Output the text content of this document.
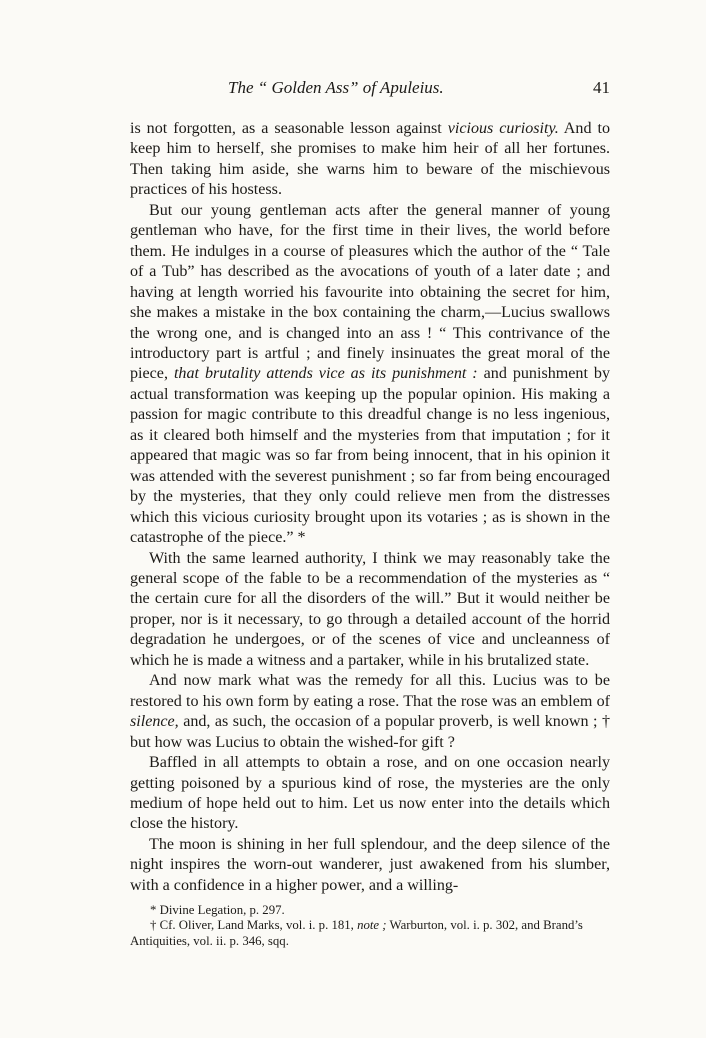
The “ Golden Ass” of Apuleius.	41

is not forgotten, as a seasonable lesson against vicious curiosity. And to keep him to herself, she promises to make him heir of all her fortunes. Then taking him aside, she warns him to beware of the mischievous practices of his hostess.

But our young gentleman acts after the general manner of young gentleman who have, for the first time in their lives, the world before them. He indulges in a course of pleasures which the author of the “ Tale of a Tub” has described as the avocations of youth of a later date ; and having at length worried his favourite into obtaining the secret for him, she makes a mistake in the box containing the charm,—Lucius swallows the wrong one, and is changed into an ass ! “ This contrivance of the introductory part is artful ; and finely insinuates the great moral of the piece, that brutality attends vice as its punishment : and punishment by actual transformation was keeping up the popular opinion. His making a passion for magic contribute to this dreadful change is no less ingenious, as it cleared both himself and the mysteries from that imputation ; for it appeared that magic was so far from being innocent, that in his opinion it was attended with the severest punishment ; so far from being encouraged by the mysteries, that they only could relieve men from the distresses which this vicious curiosity brought upon its votaries ; as is shown in the catastrophe of the piece.” *

With the same learned authority, I think we may reasonably take the general scope of the fable to be a recommendation of the mysteries as “ the certain cure for all the disorders of the will.” But it would neither be proper, nor is it necessary, to go through a detailed account of the horrid degradation he undergoes, or of the scenes of vice and uncleanness of which he is made a witness and a partaker, while in his brutalized state.

And now mark what was the remedy for all this. Lucius was to be restored to his own form by eating a rose. That the rose was an emblem of silence, and, as such, the occasion of a popular proverb, is well known ; † but how was Lucius to obtain the wished-for gift ?

Baffled in all attempts to obtain a rose, and on one occasion nearly getting poisoned by a spurious kind of rose, the mysteries are the only medium of hope held out to him. Let us now enter into the details which close the history.

The moon is shining in her full splendour, and the deep silence of the night inspires the worn-out wanderer, just awakened from his slumber, with a confidence in a higher power, and a willing-

* Divine Legation, p. 297.

† Cf. Oliver, Land Marks, vol. i. p. 181, note ; Warburton, vol. i. p. 302, and Brand’s Antiquities, vol. ii. p. 346, sqq.
